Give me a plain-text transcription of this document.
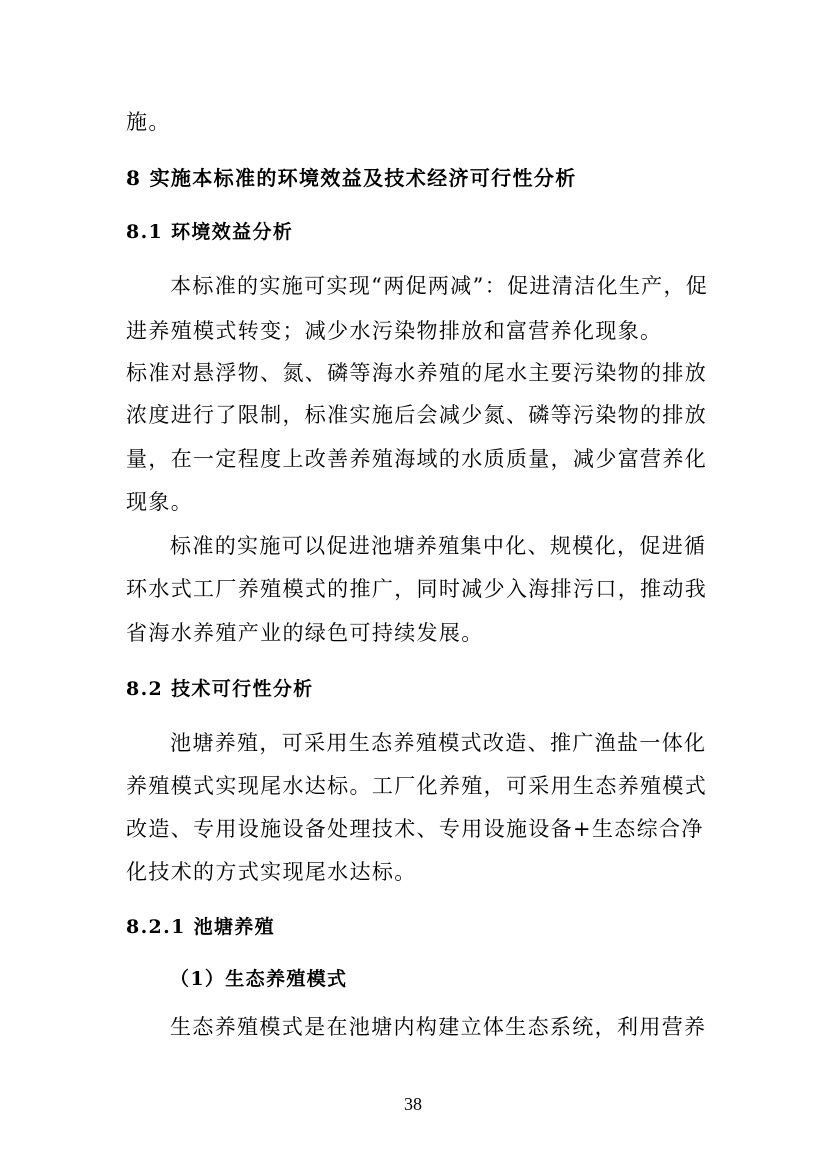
施。
8 实施本标准的环境效益及技术经济可行性分析
8.1 环境效益分析
本标准的实施可实现“两促两减”：促进清洁化生产，促
进养殖模式转变；减少水污染物排放和富营养化现象。
标准对悬浮物、氮、磷等海水养殖的尾水主要污染物的排放
浓度进行了限制，标准实施后会减少氮、磷等污染物的排放
量，在一定程度上改善养殖海域的水质质量，减少富营养化
现象。
标准的实施可以促进池塘养殖集中化、规模化，促进循
环水式工厂养殖模式的推广，同时减少入海排污口，推动我
省海水养殖产业的绿色可持续发展。
8.2 技术可行性分析
池塘养殖，可采用生态养殖模式改造、推广渔盐一体化
养殖模式实现尾水达标。工厂化养殖，可采用生态养殖模式
改造、专用设施设备处理技术、专用设施设备+生态综合净
化技术的方式实现尾水达标。
8.2.1 池塘养殖
（1）生态养殖模式
生态养殖模式是在池塘内构建立体生态系统，利用营养
38
